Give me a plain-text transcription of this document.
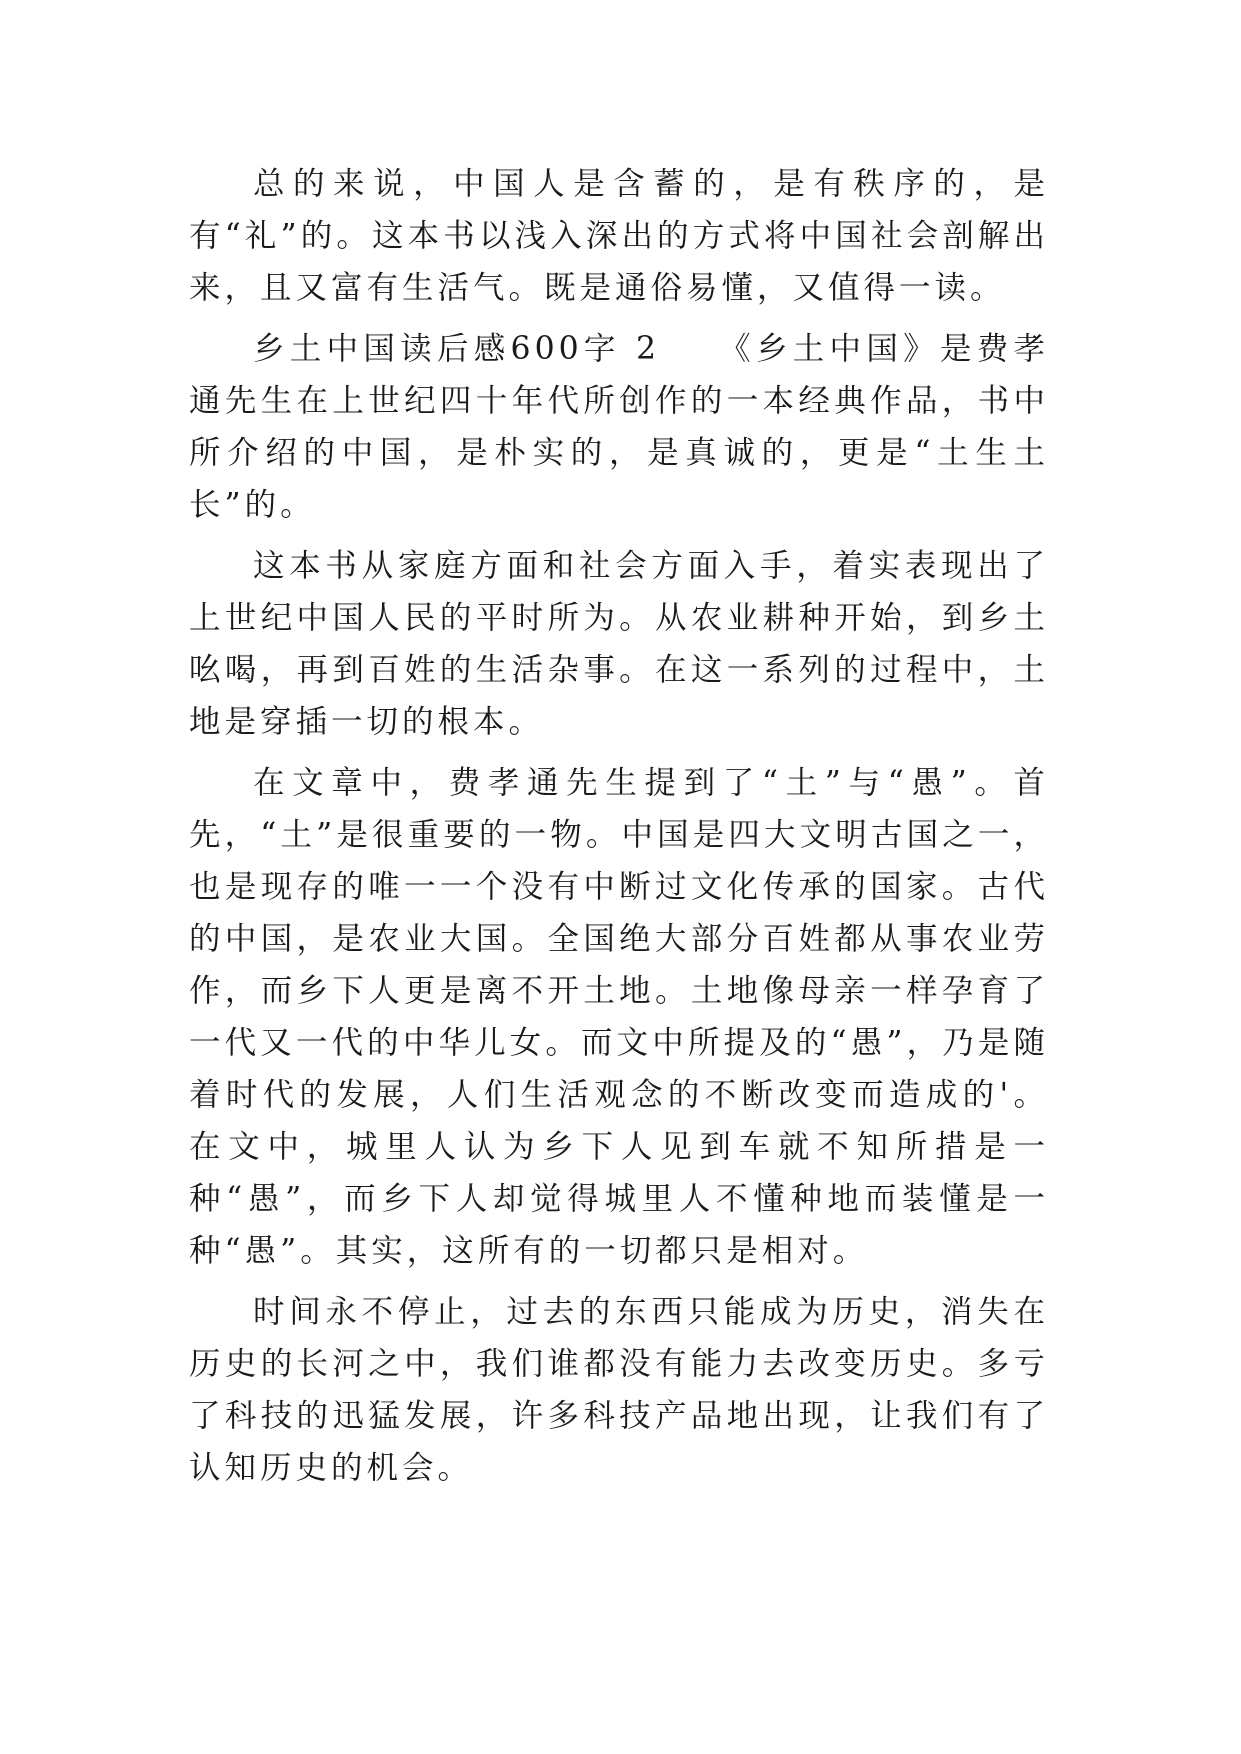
总的来说，中国人是含蓄的，是有秩序的，是有“礼”的。这本书以浅入深出的方式将中国社会剖解出来，且又富有生活气。既是通俗易懂，又值得一读。

乡土中国读后感600字 2　　《乡土中国》是费孝通先生在上世纪四十年代所创作的一本经典作品，书中所介绍的中国，是朴实的，是真诚的，更是“土生土长”的。

这本书从家庭方面和社会方面入手，着实表现出了上世纪中国人民的平时所为。从农业耕种开始，到乡土吆喝，再到百姓的生活杂事。在这一系列的过程中，土地是穿插一切的根本。

在文章中，费孝通先生提到了“土”与“愚”。首先，“土”是很重要的一物。中国是四大文明古国之一，也是现存的唯一一个没有中断过文化传承的国家。古代的中国，是农业大国。全国绝大部分百姓都从事农业劳作，而乡下人更是离不开土地。土地像母亲一样孕育了一代又一代的中华儿女。而文中所提及的“愚”，乃是随着时代的发展，人们生活观念的不断改变而造成的'。在文中，城里人认为乡下人见到车就不知所措是一种“愚”，而乡下人却觉得城里人不懂种地而装懂是一种“愚”。其实，这所有的一切都只是相对。

时间永不停止，过去的东西只能成为历史，消失在历史的长河之中，我们谁都没有能力去改变历史。多亏了科技的迅猛发展，许多科技产品地出现，让我们有了认知历史的机会。
